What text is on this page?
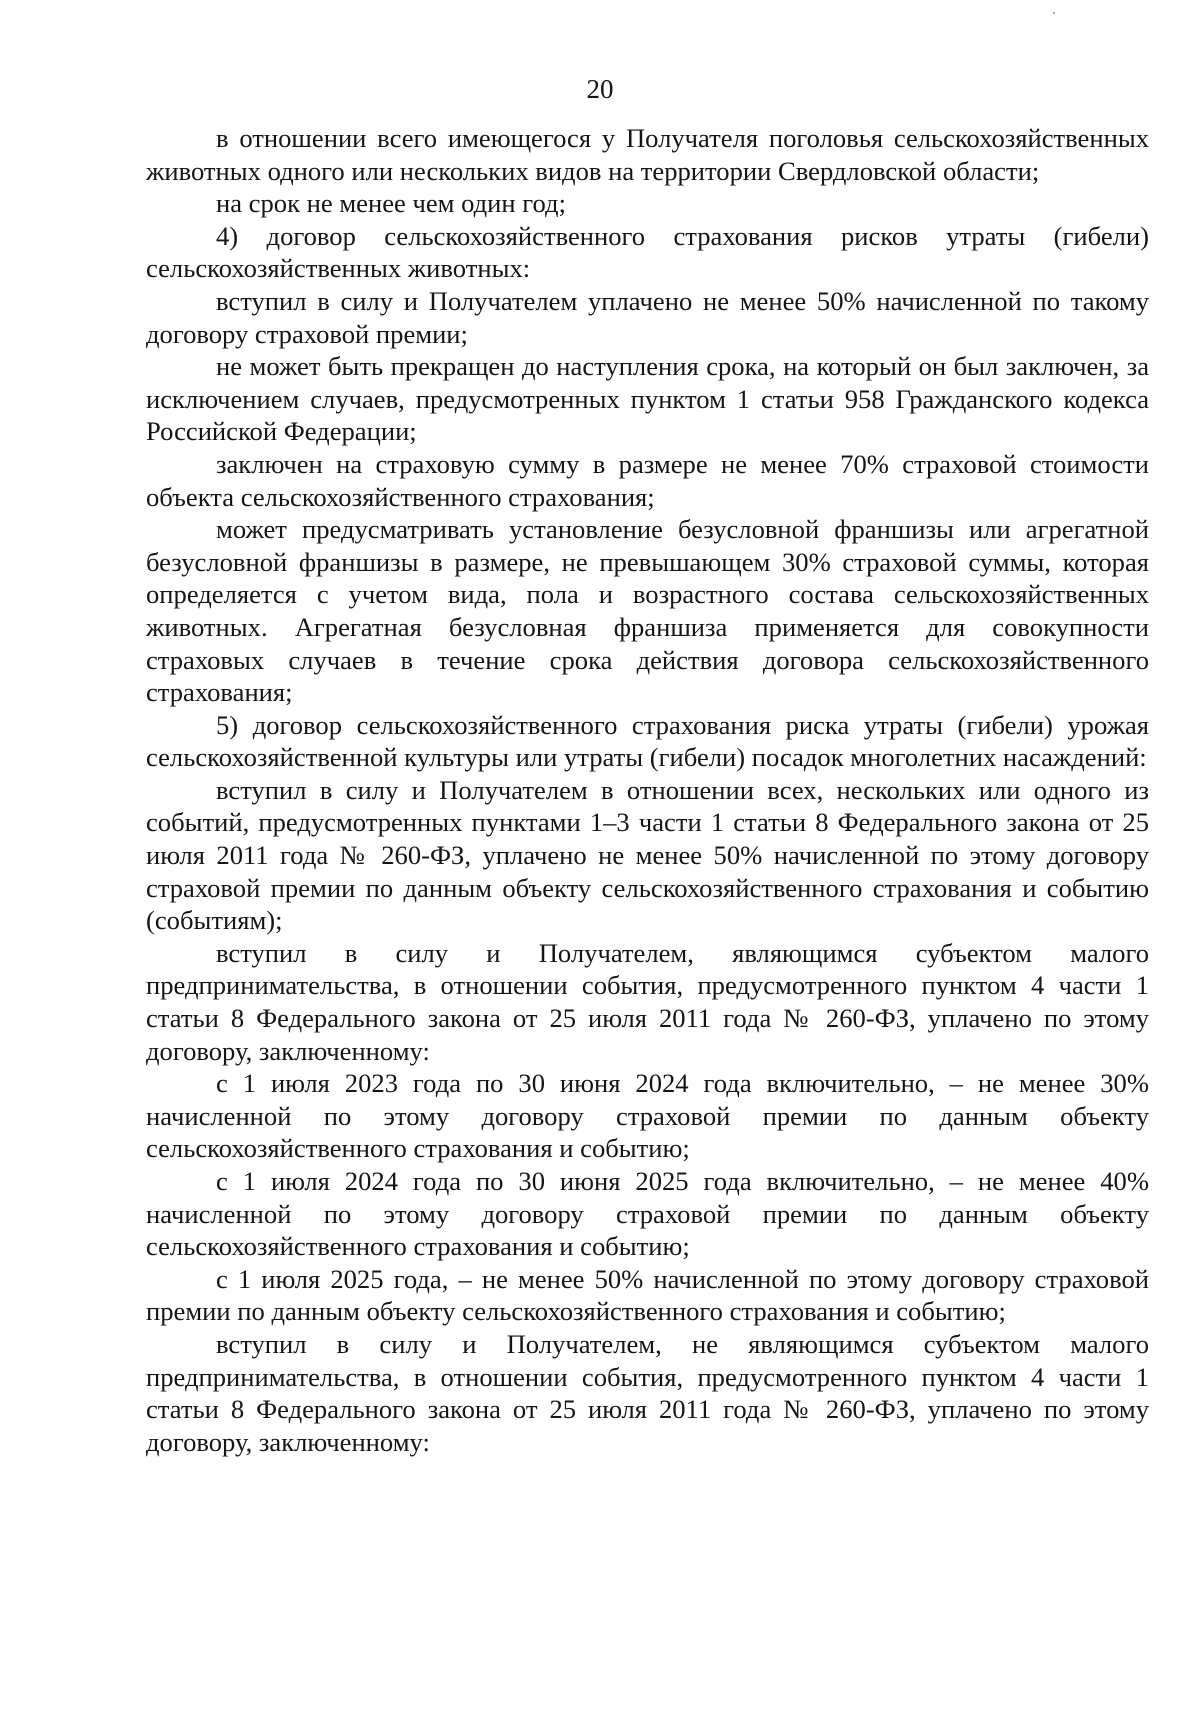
20

в отношении всего имеющегося у Получателя поголовья сельскохозяйственных животных одного или нескольких видов на территории Свердловской области;

на срок не менее чем один год;

4) договор сельскохозяйственного страхования рисков утраты (гибели) сельскохозяйственных животных:

вступил в силу и Получателем уплачено не менее 50% начисленной по такому договору страховой премии;

не может быть прекращен до наступления срока, на который он был заключен, за исключением случаев, предусмотренных пунктом 1 статьи 958 Гражданского кодекса Российской Федерации;

заключен на страховую сумму в размере не менее 70% страховой стоимости объекта сельскохозяйственного страхования;

может предусматривать установление безусловной франшизы или агрегатной безусловной франшизы в размере, не превышающем 30% страховой суммы, которая определяется с учетом вида, пола и возрастного состава сельскохозяйственных животных. Агрегатная безусловная франшиза применяется для совокупности страховых случаев в течение срока действия договора сельскохозяйственного страхования;

5) договор сельскохозяйственного страхования риска утраты (гибели) урожая сельскохозяйственной культуры или утраты (гибели) посадок многолетних насаждений:

вступил в силу и Получателем в отношении всех, нескольких или одного из событий, предусмотренных пунктами 1–3 части 1 статьи 8 Федерального закона от 25 июля 2011 года № 260-ФЗ, уплачено не менее 50% начисленной по этому договору страховой премии по данным объекту сельскохозяйственного страхования и событию (событиям);

вступил в силу и Получателем, являющимся субъектом малого предпринимательства, в отношении события, предусмотренного пунктом 4 части 1 статьи 8 Федерального закона от 25 июля 2011 года № 260-ФЗ, уплачено по этому договору, заключенному:

с 1 июля 2023 года по 30 июня 2024 года включительно, – не менее 30% начисленной по этому договору страховой премии по данным объекту сельскохозяйственного страхования и событию;

с 1 июля 2024 года по 30 июня 2025 года включительно, – не менее 40% начисленной по этому договору страховой премии по данным объекту сельскохозяйственного страхования и событию;

с 1 июля 2025 года, – не менее 50% начисленной по этому договору страховой премии по данным объекту сельскохозяйственного страхования и событию;

вступил в силу и Получателем, не являющимся субъектом малого предпринимательства, в отношении события, предусмотренного пунктом 4 части 1 статьи 8 Федерального закона от 25 июля 2011 года № 260-ФЗ, уплачено по этому договору, заключенному:
